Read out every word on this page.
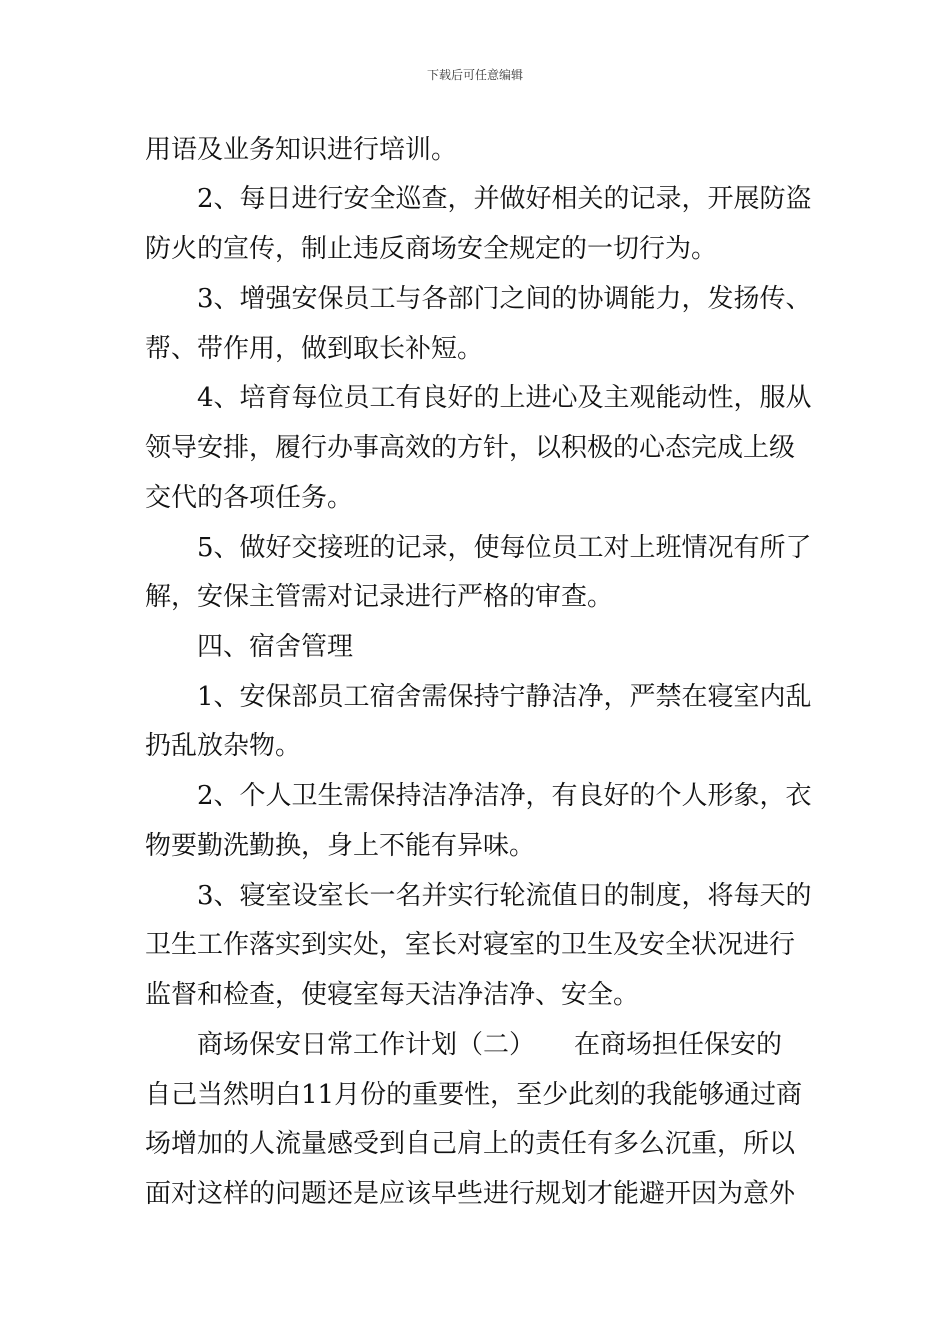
下载后可任意编辑
用语及业务知识进行培训。
2、每日进行安全巡查，并做好相关的记录，开展防盗
防火的宣传，制止违反商场安全规定的一切行为。
3、增强安保员工与各部门之间的协调能力，发扬传、
帮、带作用，做到取长补短。
4、培育每位员工有良好的上进心及主观能动性，服从
领导安排，履行办事高效的方针，以积极的心态完成上级
交代的各项任务。
5、做好交接班的记录，使每位员工对上班情况有所了
解，安保主管需对记录进行严格的审查。
四、宿舍管理
1、安保部员工宿舍需保持宁静洁净，严禁在寝室内乱
扔乱放杂物。
2、个人卫生需保持洁净洁净，有良好的个人形象，衣
物要勤洗勤换，身上不能有异味。
3、寝室设室长一名并实行轮流值日的制度，将每天的
卫生工作落实到实处，室长对寝室的卫生及安全状况进行
监督和检查，使寝室每天洁净洁净、安全。
商场保安日常工作计划（二）　　在商场担任保安的
自己当然明白11月份的重要性，至少此刻的我能够通过商
场增加的人流量感受到自己肩上的责任有多么沉重，所以
面对这样的问题还是应该早些进行规划才能避开因为意外
